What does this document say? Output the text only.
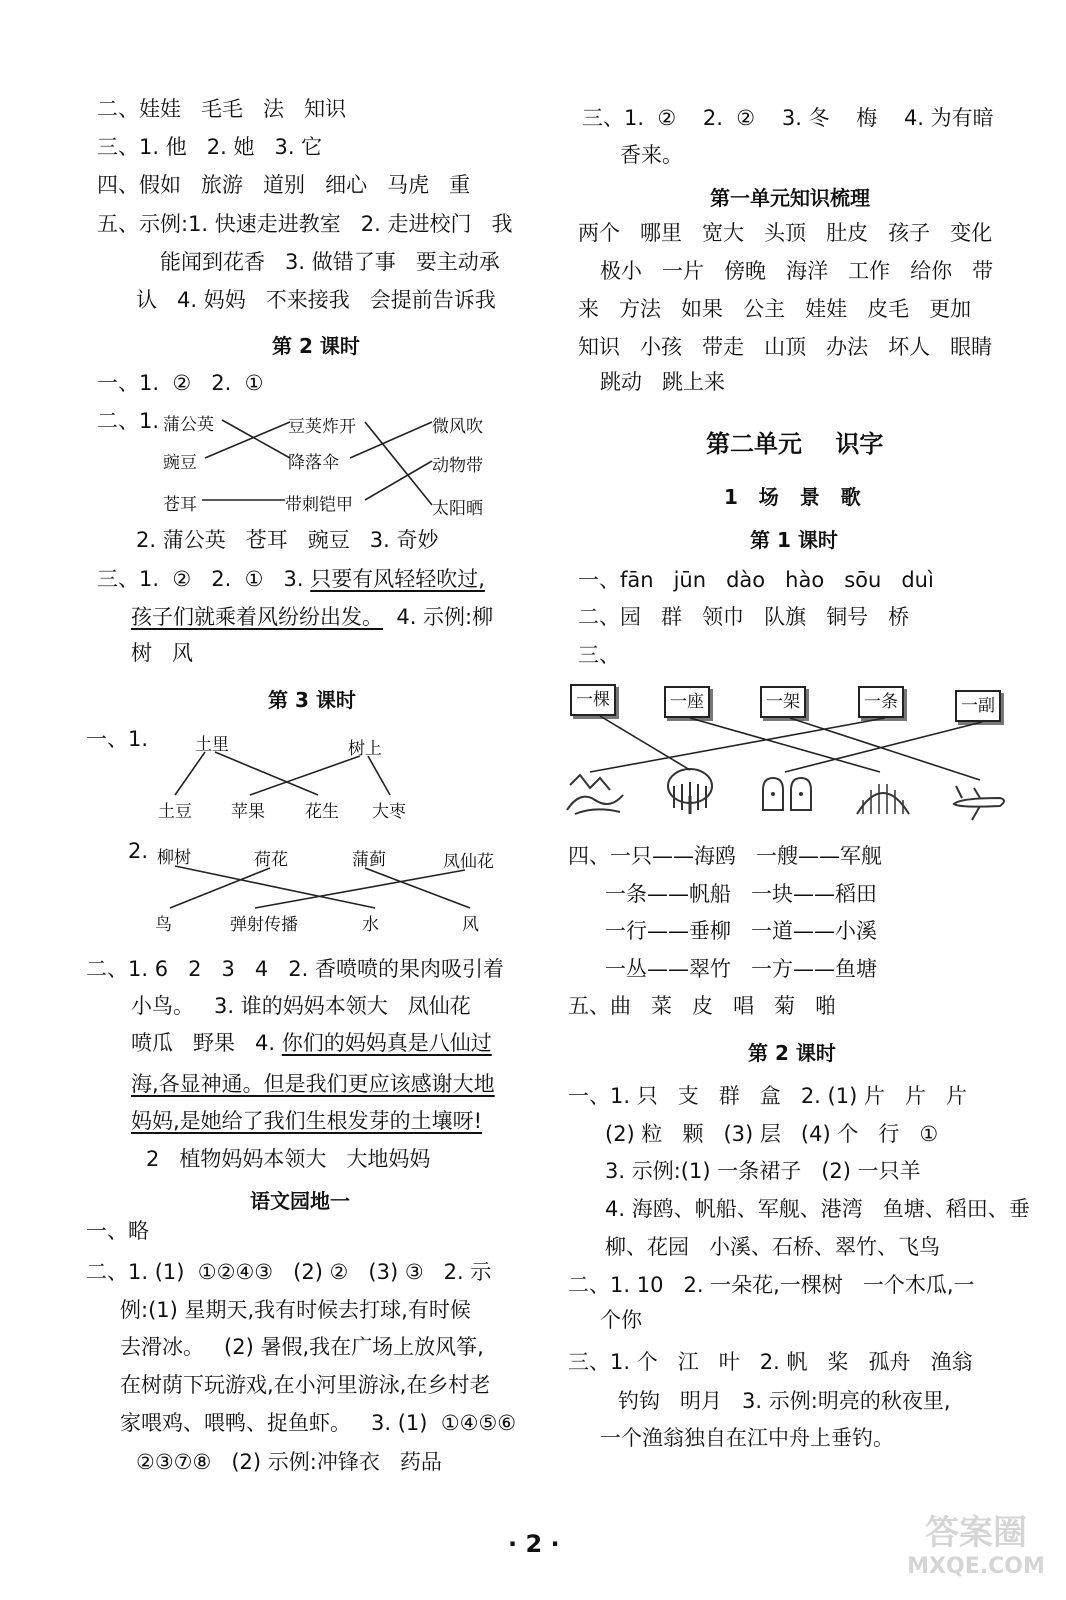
二、娃娃   毛毛   法   知识
三、1. 他   2. 她   3. 它
四、假如   旅游   道别   细心   马虎   重
五、示例:1. 快速走进教室   2. 走进校门   我
能闻到花香   3. 做错了事   要主动承
认   4. 妈妈   不来接我   会提前告诉我
第 2 课时
一、1.  ②   2.  ①
二、1. 蒲公英
豌豆
苍耳
豆荚炸开
降落伞
带刺铠甲
微风吹
动物带
太阳晒
2. 蒲公英   苍耳   豌豆   3. 奇妙
三、1.  ②   2.  ①   3. 只要有风轻轻吹过,
孩子们就乘着风纷纷出发。  4. 示例:柳
树   风
第 3 课时
一、1.	土里	树上
土豆 苹果 花生 大枣
2. 柳树	荷花	蒲蓟	凤仙花
鸟	弹射传播	水	风
二、1. 6   2   3   4   2. 香喷喷的果肉吸引着
小鸟。   3. 谁的妈妈本领大   凤仙花
喷瓜   野果   4. 你们的妈妈真是八仙过
海,各显神通。但是我们更应该感谢大地
妈妈,是她给了我们生根发芽的土壤呀!
2   植物妈妈本领大   大地妈妈
语文园地一
一、略
二、1. (1)  ①②④③   (2) ②   (3) ③   2. 示
例:(1) 星期天,我有时候去打球,有时候
去滑冰。   (2) 暑假,我在广场上放风筝,
在树荫下玩游戏,在小河里游泳,在乡村老
家喂鸡、喂鸭、捉鱼虾。   3. (1)  ①④⑤⑥
②③⑦⑧   (2) 示例:冲锋衣   药品
三、1.  ②    2.  ②    3. 冬    梅    4. 为有暗
香来。
第一单元知识梳理
两个   哪里   宽大   头顶   肚皮   孩子   变化
极小   一片   傍晚   海洋   工作   给你   带
来   方法   如果   公主   娃娃   皮毛   更加
知识   小孩   带走   山顶   办法   坏人   眼睛
跳动   跳上来
第二单元    识字
1   场   景   歌
第 1 课时
一、fān   jūn   dào   hào   sōu   duì
二、园   群   领巾   队旗   铜号   桥
三、
一棵	一座	一架	一条	一副
四、一只——海鸥   一艘——军舰
一条——帆船   一块——稻田
一行——垂柳   一道——小溪
一丛——翠竹   一方——鱼塘
五、曲   菜   皮   唱   菊   啪
第 2 课时
一、1. 只   支   群   盒   2. (1) 片   片   片
(2) 粒   颗   (3) 层   (4) 个   行   ①
3. 示例:(1) 一条裙子   (2) 一只羊
4. 海鸥、帆船、军舰、港湾   鱼塘、稻田、垂
柳、花园   小溪、石桥、翠竹、飞鸟
二、1. 10   2. 一朵花,一棵树   一个木瓜,一
个你
三、1. 个   江   叶   2. 帆   桨   孤舟   渔翁
钓钩   明月   3. 示例:明亮的秋夜里,
一个渔翁独自在江中舟上垂钓。
· 2 ·	答案圈
MXQE.COM
